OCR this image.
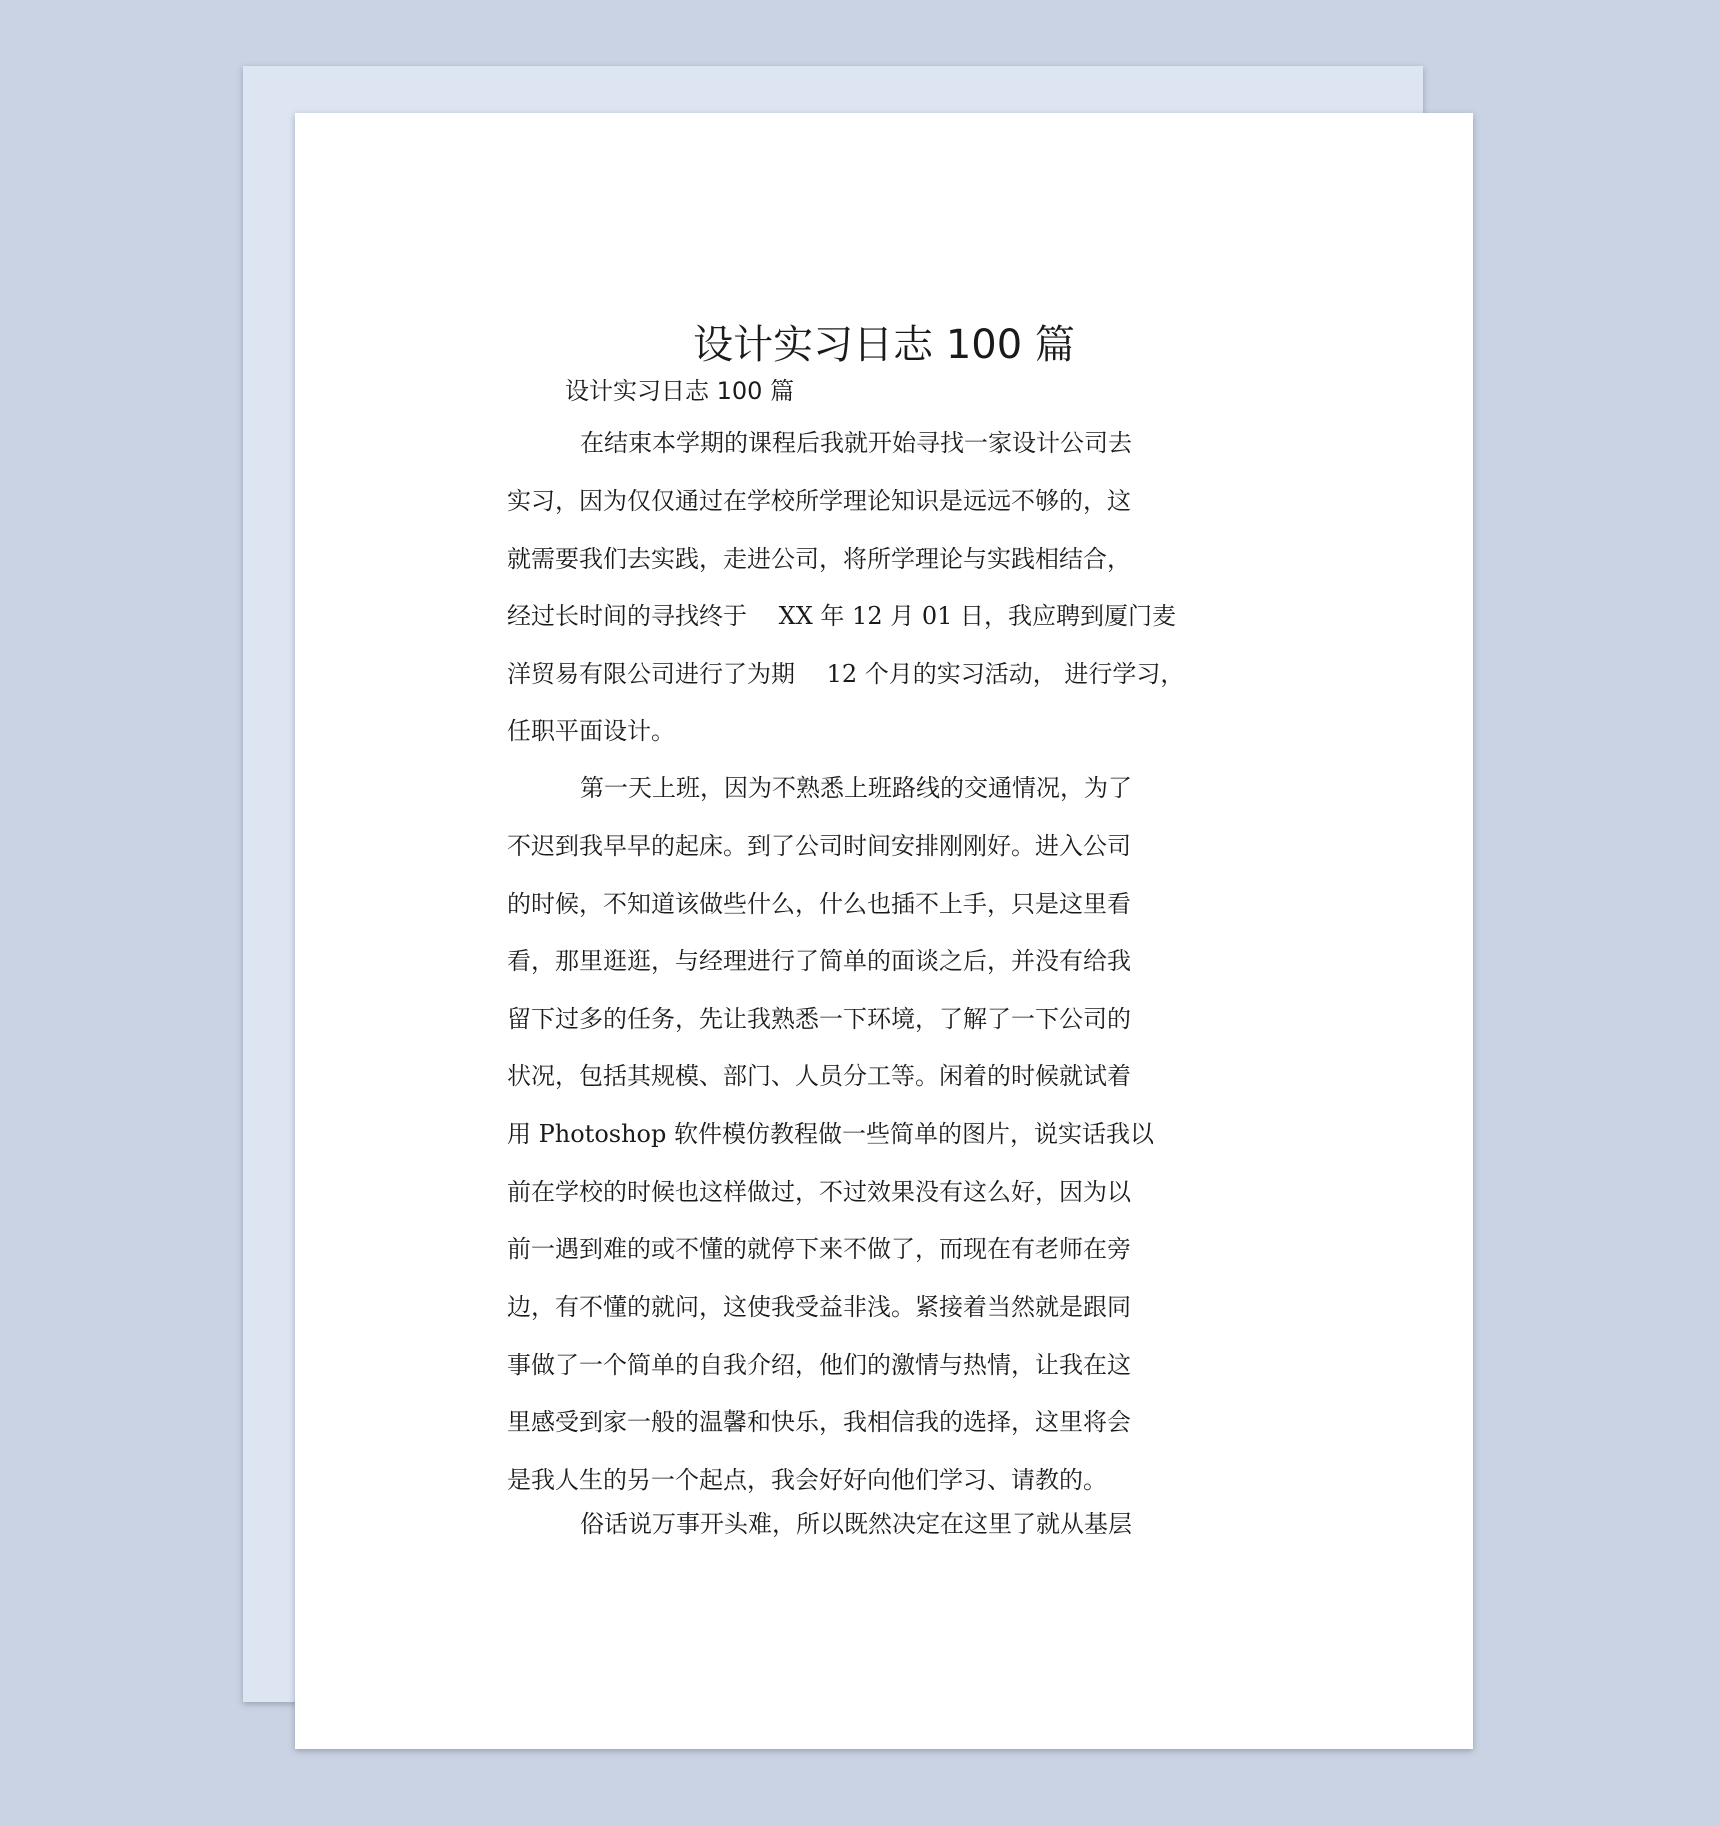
设计实习日志 100 篇
设计实习日志 100 篇
在结束本学期的课程后我就开始寻找一家设计公司去
实习，因为仅仅通过在学校所学理论知识是远远不够的，这
就需要我们去实践，走进公司，将所学理论与实践相结合，
经过长时间的寻找终于　 XX 年 12 月 01 日，我应聘到厦门麦
洋贸易有限公司进行了为期　 12 个月的实习活动， 进行学习，
任职平面设计。
第一天上班，因为不熟悉上班路线的交通情况，为了
不迟到我早早的起床。到了公司时间安排刚刚好。进入公司
的时候，不知道该做些什么，什么也插不上手，只是这里看
看，那里逛逛，与经理进行了简单的面谈之后，并没有给我
留下过多的任务，先让我熟悉一下环境，了解了一下公司的
状况，包括其规模、部门、人员分工等。闲着的时候就试着
用 Photoshop 软件模仿教程做一些简单的图片，说实话我以
前在学校的时候也这样做过，不过效果没有这么好，因为以
前一遇到难的或不懂的就停下来不做了，而现在有老师在旁
边，有不懂的就问，这使我受益非浅。紧接着当然就是跟同
事做了一个简单的自我介绍，他们的激情与热情，让我在这
里感受到家一般的温馨和快乐，我相信我的选择，这里将会
是我人生的另一个起点，我会好好向他们学习、请教的。
俗话说万事开头难，所以既然决定在这里了就从基层
